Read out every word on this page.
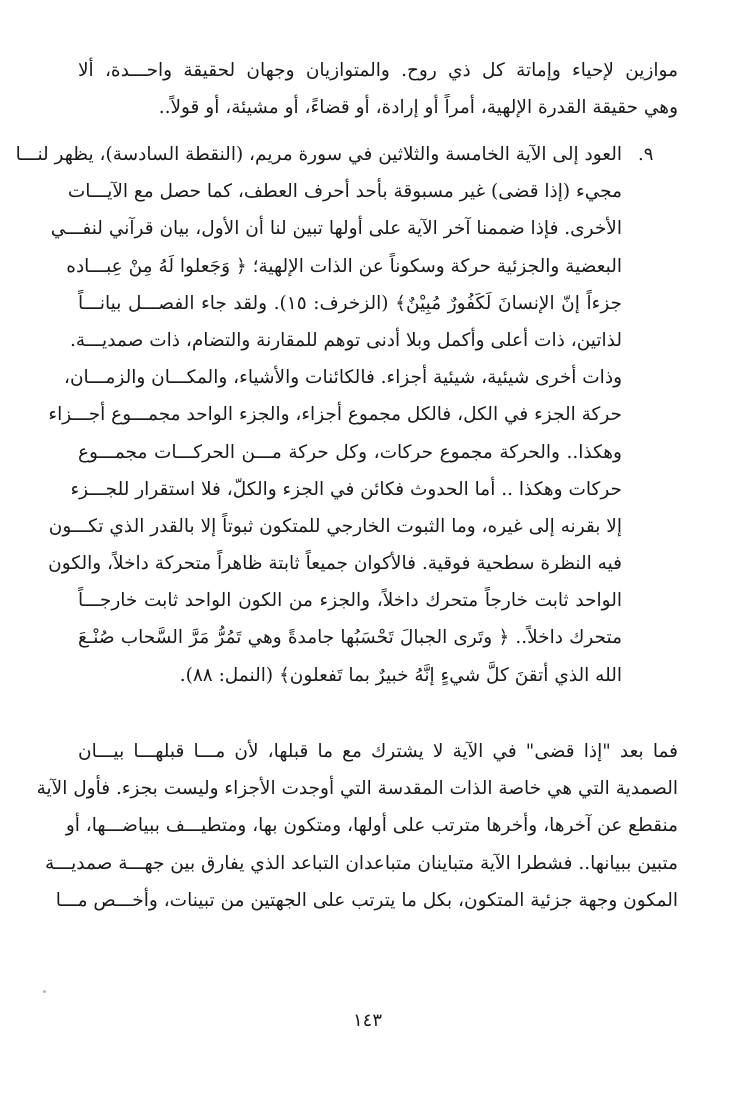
موازين لإحياء وإماتة كل ذي روح. والمتوازيان وجهان لحقيقة واحـــدة، ألا
وهي حقيقة القدرة الإلهية، أمراً أو إرادة، أو قضاءً، أو مشيئة، أو قولاً..
٩.
العود إلى الآية الخامسة والثلاثين في سورة مريم، (النقطة السادسة)، يظهر لنـــا
مجيء (إذا قضى) غير مسبوقة بأحد أحرف العطف، كما حصل مع الآيـــات
الأخرى. فإذا ضممنا آخر الآية على أولها تبين لنا أن الأول، بيان قرآني لنفـــي
البعضية والجزئية حركة وسكوناً عن الذات الإلهية؛ ﴿ وَجَعلوا لَهُ مِنْ عِبـــاده
جزءاً إنّ الإنسانَ لَكَفُورٌ مُبِيْنٌ﴾ (الزخرف: ١٥). ولقد جاء الفصـــل بيانـــاً
لذاتين، ذات أعلى وأكمل وبلا أدنى توهم للمقارنة والتضام، ذات صمديـــة.
وذات أخرى شيئية، شيئية أجزاء. فالكائنات والأشياء، والمكـــان والزمـــان،
حركة الجزء في الكل، فالكل مجموع أجزاء، والجزء الواحد مجمـــوع أجـــزاء
وهكذا.. والحركة مجموع حركات، وكل حركة مـــن الحركـــات مجمـــوع
حركات وهكذا .. أما الحدوث فكائن في الجزء والكلّ، فلا استقرار للجـــزء
إلا بقرنه إلى غيره، وما الثبوت الخارجي للمتكون ثبوتاً إلا بالقدر الذي تكـــون
فيه النظرة سطحية فوقية. فالأكوان جميعاً ثابتة ظاهراً متحركة داخلاً، والكون
الواحد ثابت خارجاً متحرك داخلاً، والجزء من الكون الواحد ثابت خارجـــاً
متحرك داخلاً.. ﴿ وتَرى الجبالَ تَحْسَبُها جامدةً وهي تَمُرُّ مَرَّ السَّحاب صُنْـعَ
الله الذي أتقنَ كلَّ شيءٍ إنَّهُ خبيرٌ بما تَفعلون﴾ (النمل: ٨٨).
فما بعد "إذا قضى" في الآية لا يشترك مع ما قبلها، لأن مـــا قبلهـــا بيـــان
الصمدية التي هي خاصة الذات المقدسة التي أوجدت الأجزاء وليست بجزء. فأول الآية
منقطع عن آخرها، وأخرها مترتب على أولها، ومتكون بها، ومتطيـــف ببياضـــها، أو
متبين ببيانها.. فشطرا الآية متباينان متباعدان التباعد الذي يفارق بين جهـــة صمديـــة
المكون وجهة جزئية المتكون، بكل ما يترتب على الجهتين من تبينات، وأخـــص مـــا
١٤٣
